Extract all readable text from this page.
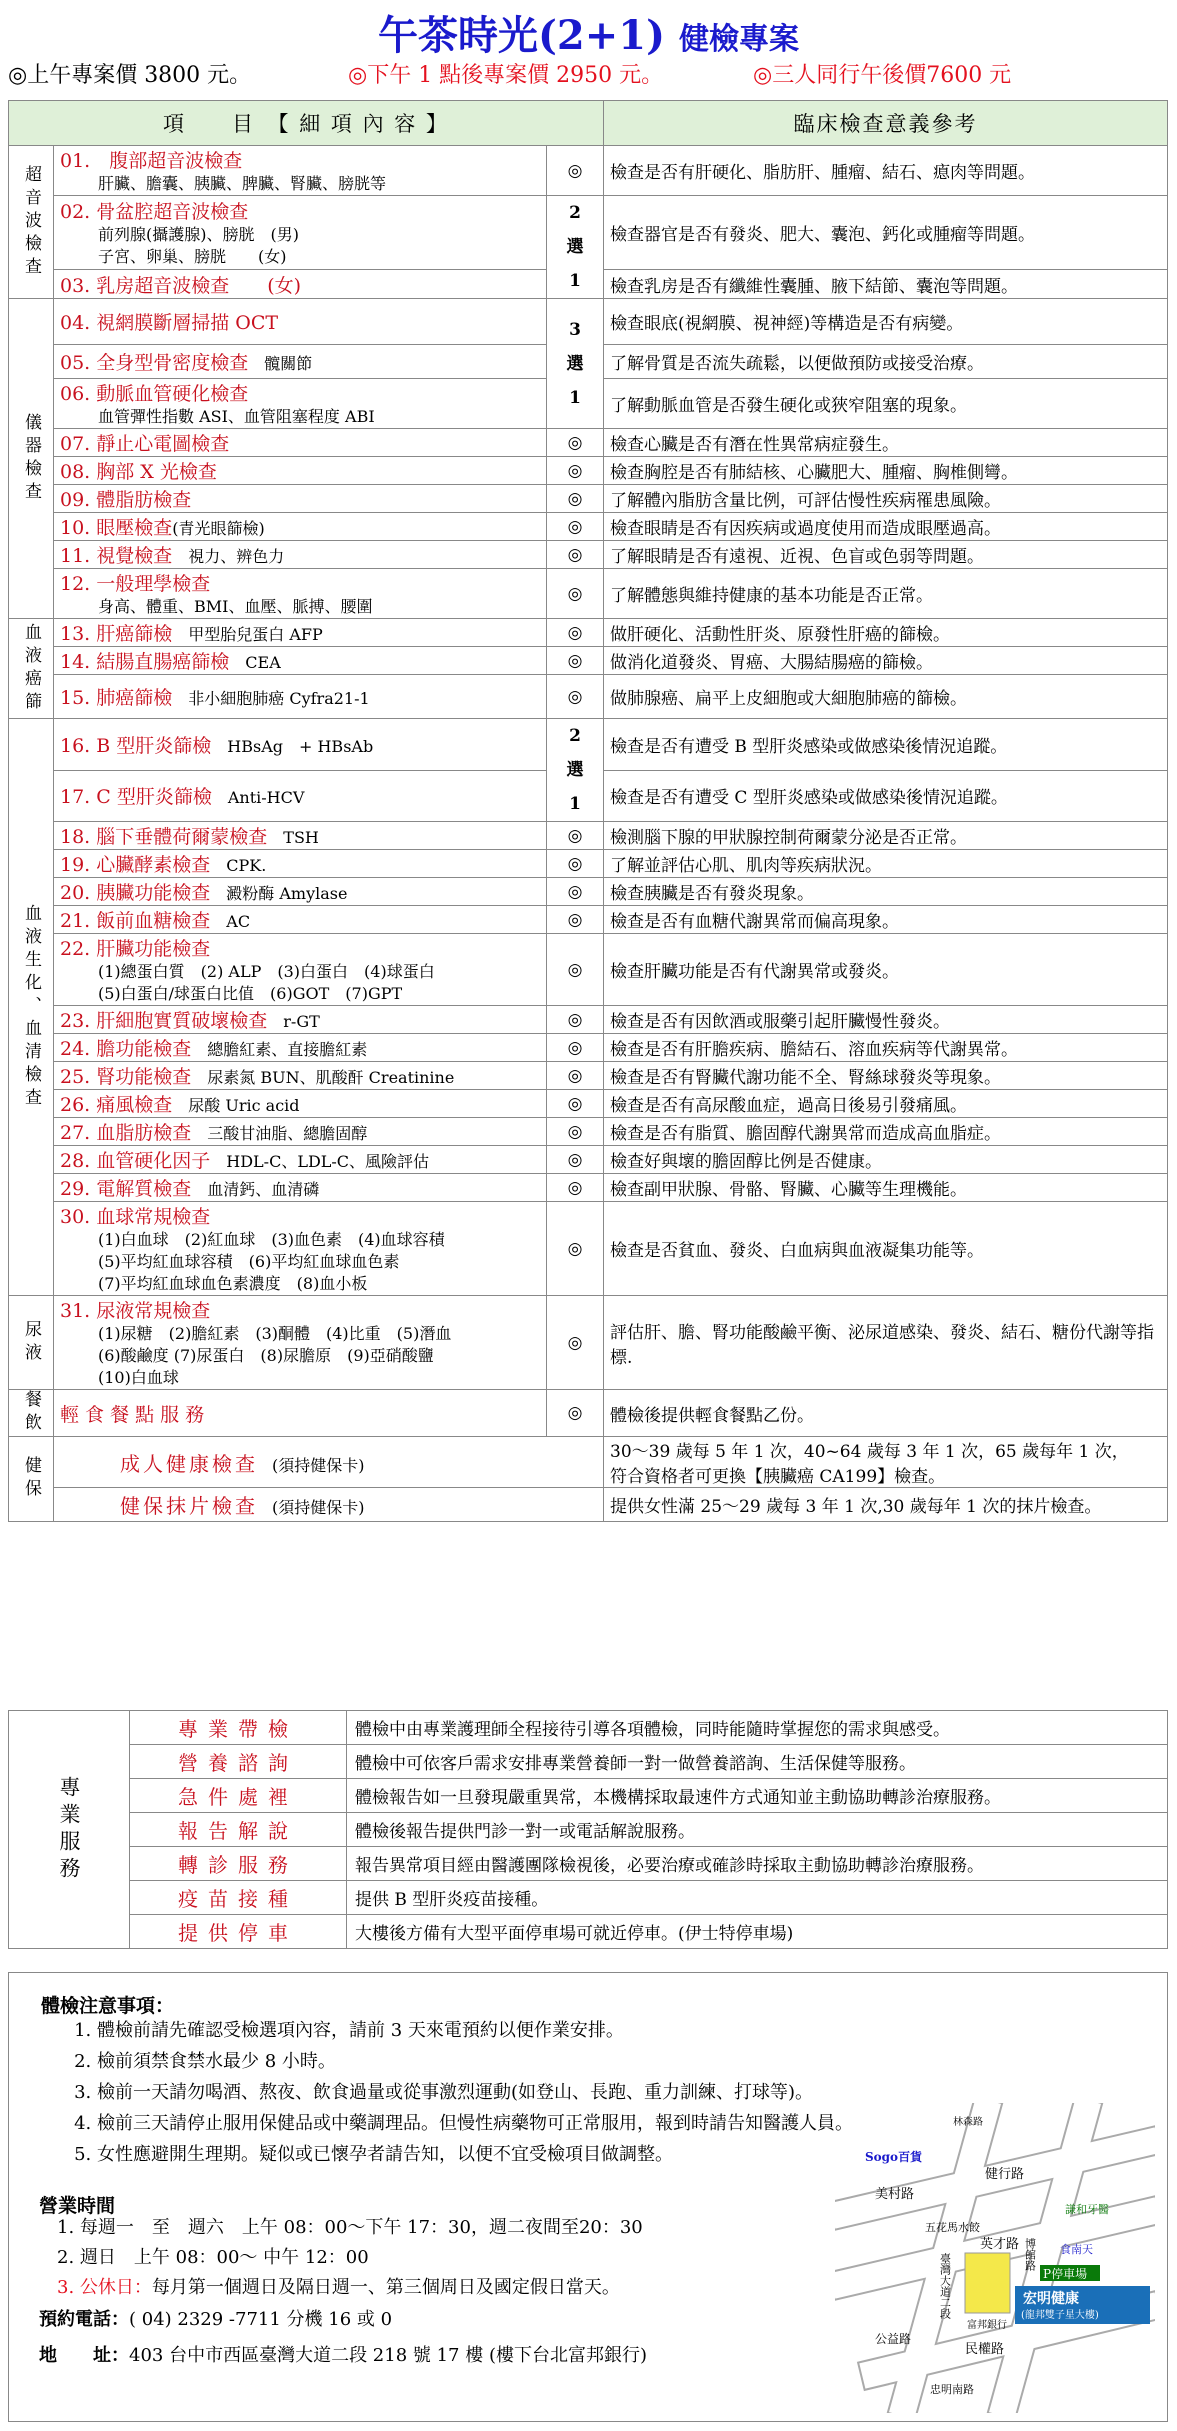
午茶時光(2+1) 健檢專案
◎上午專案價 3800 元。	◎下午 1 點後專案價 2950 元。	◎三人同行午後價7600 元
項　　目　【 細 項 內 容 】			臨床檢查意義參考
超音波檢查	01.　腹部超音波檢查
肝臟、膽囊、胰臟、脾臟、腎臟、膀胱等	◎	檢查是否有肝硬化、脂肪肝、腫瘤、結石、瘜肉等問題。
	02. 骨盆腔超音波檢查
前列腺(攝護腺)、膀胱　(男)
子宮、卵巢、膀胱　　(女)	2
選
1	檢查器官是否有發炎、肥大、囊泡、鈣化或腫瘤等問題。
	03. 乳房超音波檢查　　(女)		檢查乳房是否有纖維性囊腫、腋下結節、囊泡等問題。
儀器檢查	04. 視網膜斷層掃描 OCT	3
選
1	檢查眼底(視網膜、視神經)等構造是否有病變。
	05. 全身型骨密度檢查　髖關節		了解骨質是否流失疏鬆，以便做預防或接受治療。
	06. 動脈血管硬化檢查
血管彈性指數 ASI、血管阻塞程度 ABI		了解動脈血管是否發生硬化或狹窄阻塞的現象。
	07. 靜止心電圖檢查	◎	檢查心臟是否有潛在性異常病症發生。
	08. 胸部 X 光檢查	◎	檢查胸腔是否有肺結核、心臟肥大、腫瘤、胸椎側彎。
	09. 體脂肪檢查	◎	了解體內脂肪含量比例，可評估慢性疾病罹患風險。
	10. 眼壓檢查(青光眼篩檢)	◎	檢查眼睛是否有因疾病或過度使用而造成眼壓過高。
	11. 視覺檢查　視力、辨色力	◎	了解眼睛是否有遠視、近視、色盲或色弱等問題。
	12. 一般理學檢查
身高、體重、BMI、血壓、脈搏、腰圍	◎	了解體態與維持健康的基本功能是否正常。
血液癌篩	13. 肝癌篩檢　甲型胎兒蛋白 AFP	◎	做肝硬化、活動性肝炎、原發性肝癌的篩檢。
	14. 結腸直腸癌篩檢　CEA	◎	做消化道發炎、胃癌、大腸結腸癌的篩檢。
	15. 肺癌篩檢　非小細胞肺癌 Cyfra21-1	◎	做肺腺癌、扁平上皮細胞或大細胞肺癌的篩檢。
血液生化、血清檢查	16. B 型肝炎篩檢　HBsAg　+ HBsAb	2
選
1	檢查是否有遭受 B 型肝炎感染或做感染後情況追蹤。
	17. C 型肝炎篩檢　Anti-HCV		檢查是否有遭受 C 型肝炎感染或做感染後情況追蹤。
	18. 腦下垂體荷爾蒙檢查　TSH	◎	檢測腦下腺的甲狀腺控制荷爾蒙分泌是否正常。
	19. 心臟酵素檢查　CPK.	◎	了解並評估心肌、肌肉等疾病狀況。
	20. 胰臟功能檢查　澱粉酶 Amylase	◎	檢查胰臟是否有發炎現象。
	21. 飯前血糖檢查　AC	◎	檢查是否有血糖代謝異常而偏高現象。
	22. 肝臟功能檢查
(1)總蛋白質　(2) ALP　(3)白蛋白　(4)球蛋白
(5)白蛋白/球蛋白比值　(6)GOT　(7)GPT	◎	檢查肝臟功能是否有代謝異常或發炎。
	23. 肝細胞實質破壞檢查　r-GT	◎	檢查是否有因飲酒或服藥引起肝臟慢性發炎。
	24. 膽功能檢查　總膽紅素、直接膽紅素	◎	檢查是否有肝膽疾病、膽結石、溶血疾病等代謝異常。
	25. 腎功能檢查　尿素氮 BUN、肌酸酐 Creatinine	◎	檢查是否有腎臟代謝功能不全、腎絲球發炎等現象。
	26. 痛風檢查　尿酸 Uric acid	◎	檢查是否有高尿酸血症，過高日後易引發痛風。
	27. 血脂肪檢查　三酸甘油脂、總膽固醇	◎	檢查是否有脂質、膽固醇代謝異常而造成高血脂症。
	28. 血管硬化因子　HDL-C、LDL-C、風險評估	◎	檢查好與壞的膽固醇比例是否健康。
	29. 電解質檢查　血清鈣、血清磷	◎	檢查副甲狀腺、骨骼、腎臟、心臟等生理機能。
	30. 血球常規檢查
(1)白血球　(2)紅血球　(3)血色素　(4)血球容積
(5)平均紅血球容積　(6)平均紅血球血色素
(7)平均紅血球血色素濃度　(8)血小板	◎	檢查是否貧血、發炎、白血病與血液凝集功能等。
尿液	31. 尿液常規檢查
(1)尿糖　(2)膽紅素　(3)酮體　(4)比重　(5)潛血
(6)酸鹼度 (7)尿蛋白　(8)尿膽原　(9)亞硝酸鹽
(10)白血球	◎	評估肝、膽、腎功能酸鹼平衡、泌尿道感染、發炎、結石、糖份代謝等指標.
餐飲	輕 食 餐 點 服 務	◎	體檢後提供輕食餐點乙份。
健保	成人健康檢查 (須持健保卡)		30～39 歲每 5 年 1 次，40~64 歲每 3 年 1 次，65 歲每年 1 次，
符合資格者可更換【胰臟癌 CA199】檢查。
	健保抹片檢查 (須持健保卡)		提供女性滿 25～29 歲每 3 年 1 次,30 歲每年 1 次的抹片檢查。
專業服務	專業帶檢	體檢中由專業護理師全程接待引導各項體檢，同時能隨時掌握您的需求與感受。
	營養諮詢	體檢中可依客戶需求安排專業營養師一對一做營養諮詢、生活保健等服務。
	急件處裡	體檢報告如一旦發現嚴重異常，本機構採取最速件方式通知並主動協助轉診治療服務。
	報告解說	體檢後報告提供門診一對一或電話解說服務。
	轉診服務	報告異常項目經由醫護團隊檢視後，必要治療或確診時採取主動協助轉診治療服務。
	疫苗接種	提供 B 型肝炎疫苗接種。
	提供停車	大樓後方備有大型平面停車場可就近停車。(伊士特停車場)
體檢注意事項：
1. 體檢前請先確認受檢選項內容，請前 3 天來電預約以便作業安排。
2. 檢前須禁食禁水最少 8 小時。
3. 檢前一天請勿喝酒、熬夜、飲食過量或從事激烈運動(如登山、長跑、重力訓練、打球等)。
4. 檢前三天請停止服用保健品或中藥調理品。但慢性病藥物可正常服用，報到時請告知醫護人員。
5. 女性應避開生理期。疑似或已懷孕者請告知，以便不宜受檢項目做調整。
營業時間
1. 每週一　至　週六　上午 08：00～下午 17：30，週二夜間至20：30
2. 週日　上午 08：00～ 中午 12：00
3. 公休日：每月第一個週日及隔日週一、第三個周日及國定假日當天。
預約電話：( 04) 2329 -7711 分機 16 或 0
地　　址：403 台中市西區臺灣大道二段 218 號 17 樓 (樓下台北富邦銀行)
Sogo百貨
美村路
健行路
英才路
民權路
公益路
臺灣大道二段
忠明南路
林森路
博館路
五花馬水餃
謙和牙醫
食南天
P停車場
富邦銀行
宏明健康
(龍邦雙子星大樓)
